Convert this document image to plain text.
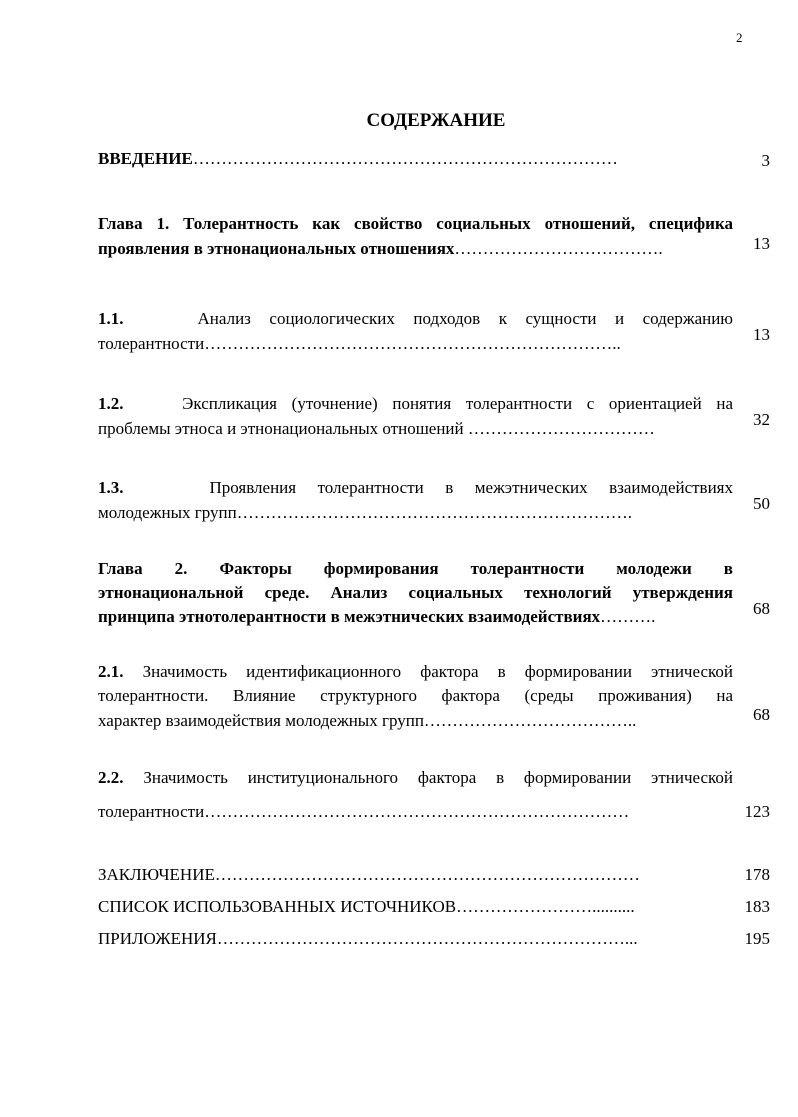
2
СОДЕРЖАНИЕ
ВВЕДЕНИЕ…………………………………………………………………	3
Глава 1. Толерантность как свойство социальных отношений, специфика
проявления в этнонациональных отношениях……………………………….	13
1.1.	Анализ социологических подходов к сущности и содержанию
толерантности………………………………………………………………..	13
1.2.	Экспликация (уточнение) понятия толерантности с ориентацией на
проблемы этноса и этнонациональных отношений ……………………………	32
1.3.	Проявления толерантности в межэтнических взаимодействиях
молодежных групп…………………………………………………………….	50
Глава 2. Факторы формирования толерантности молодежи в
этнонациональной среде. Анализ социальных технологий утверждения
принципа этнотолерантности в межэтнических взаимодействиях……….	68
2.1. Значимость идентификационного фактора в формировании этнической
толерантности. Влияние структурного фактора (среды проживания) на
характер взаимодействия молодежных групп………………………………..	68
2.2. Значимость институционального фактора в формировании этнической
толерантности…………………………………………………………………	123
ЗАКЛЮЧЕНИЕ…………………………………………………………………	178
СПИСОК ИСПОЛЬЗОВАННЫХ ИСТОЧНИКОВ……………………..........	183
ПРИЛОЖЕНИЯ………………………………………………………………...	195
